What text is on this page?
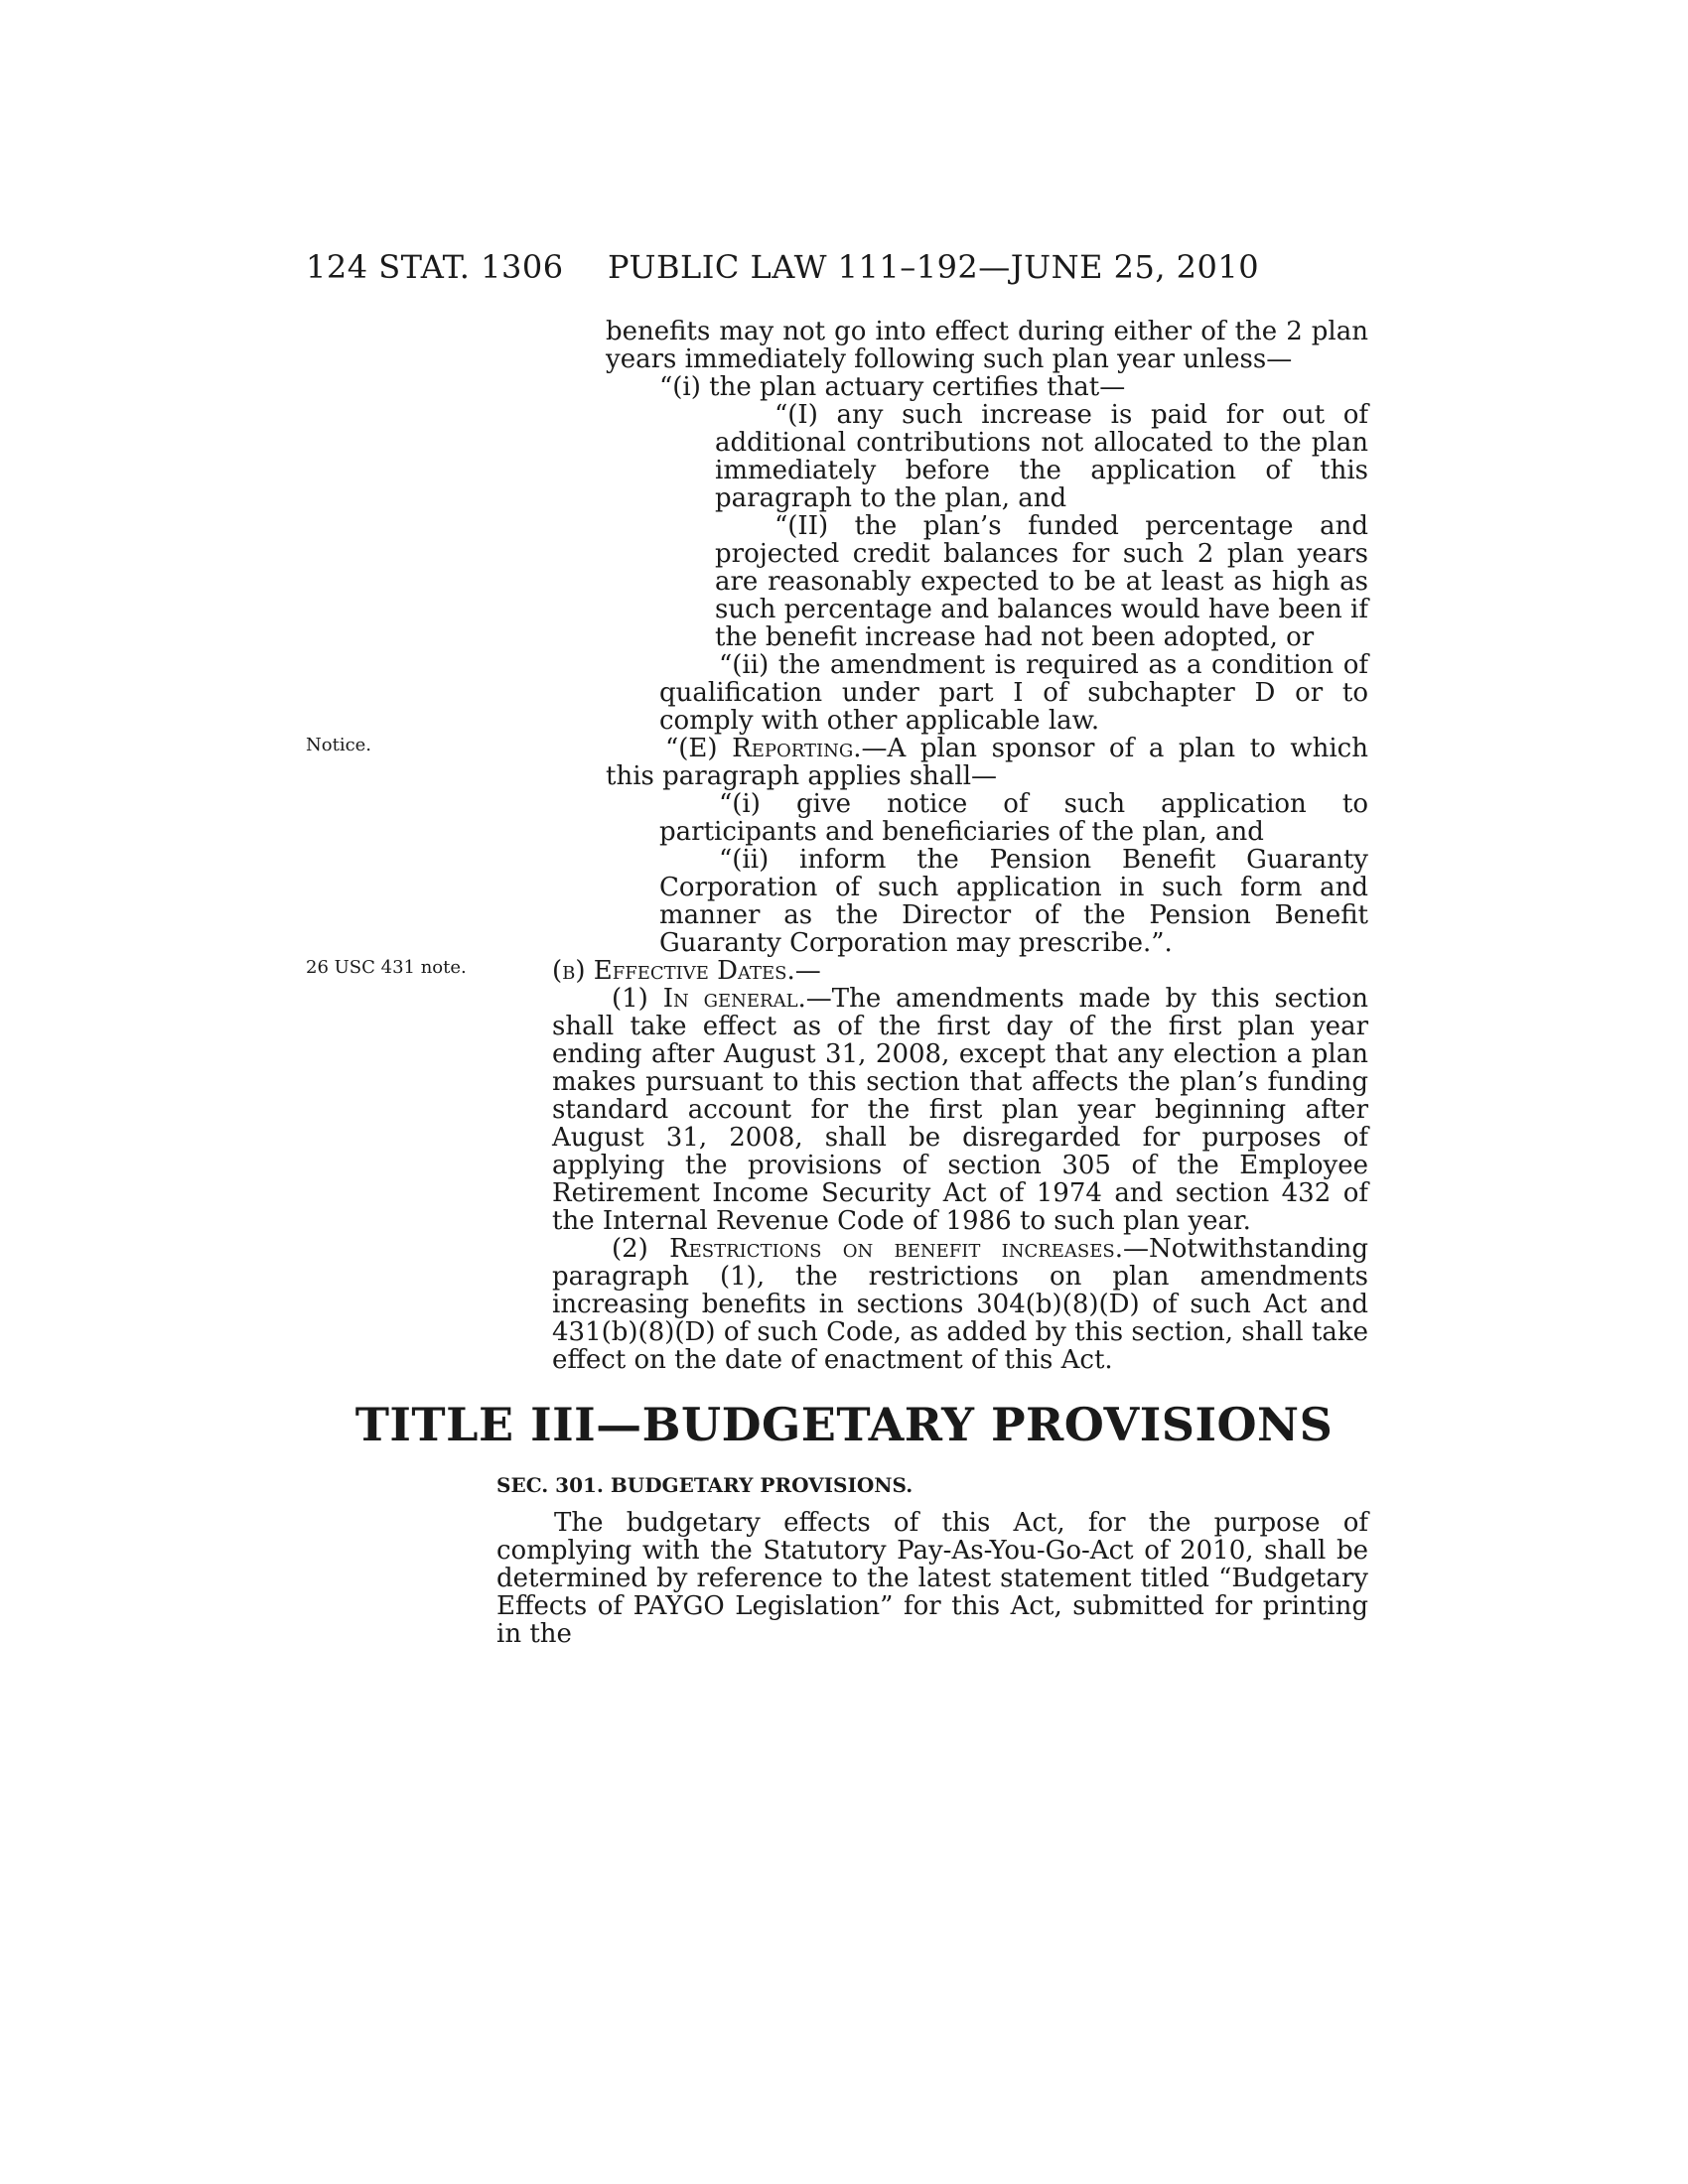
124 STAT. 1306 PUBLIC LAW 111–192—JUNE 25, 2010
Notice.
26 USC 431 note.

benefits may not go into effect during either of the 2 plan years immediately following such plan year unless—

“(i) the plan actuary certifies that—

“(I) any such increase is paid for out of additional contributions not allocated to the plan immediately before the application of this paragraph to the plan, and

“(II) the plan’s funded percentage and projected credit balances for such 2 plan years are reasonably expected to be at least as high as such percentage and balances would have been if the benefit increase had not been adopted, or

“(ii) the amendment is required as a condition of qualification under part I of subchapter D or to comply with other applicable law.

“(E) Reporting.—A plan sponsor of a plan to which this paragraph applies shall—

“(i) give notice of such application to participants and beneficiaries of the plan, and

“(ii) inform the Pension Benefit Guaranty Corporation of such application in such form and manner as the Director of the Pension Benefit Guaranty Corporation may prescribe.”.

(b) Effective Dates.—

(1) In general.—The amendments made by this section shall take effect as of the first day of the first plan year ending after August 31, 2008, except that any election a plan makes pursuant to this section that affects the plan’s funding standard account for the first plan year beginning after August 31, 2008, shall be disregarded for purposes of applying the provisions of section 305 of the Employee Retirement Income Security Act of 1974 and section 432 of the Internal Revenue Code of 1986 to such plan year.

(2) Restrictions on benefit increases.—Notwithstanding paragraph (1), the restrictions on plan amendments increasing benefits in sections 304(b)(8)(D) of such Act and 431(b)(8)(D) of such Code, as added by this section, shall take effect on the date of enactment of this Act.

TITLE III—BUDGETARY PROVISIONS
SEC. 301. BUDGETARY PROVISIONS.

The budgetary effects of this Act, for the purpose of complying with the Statutory Pay-As-You-Go-Act of 2010, shall be determined by reference to the latest statement titled “Budgetary Effects of PAYGO Legislation” for this Act, submitted for printing in the
